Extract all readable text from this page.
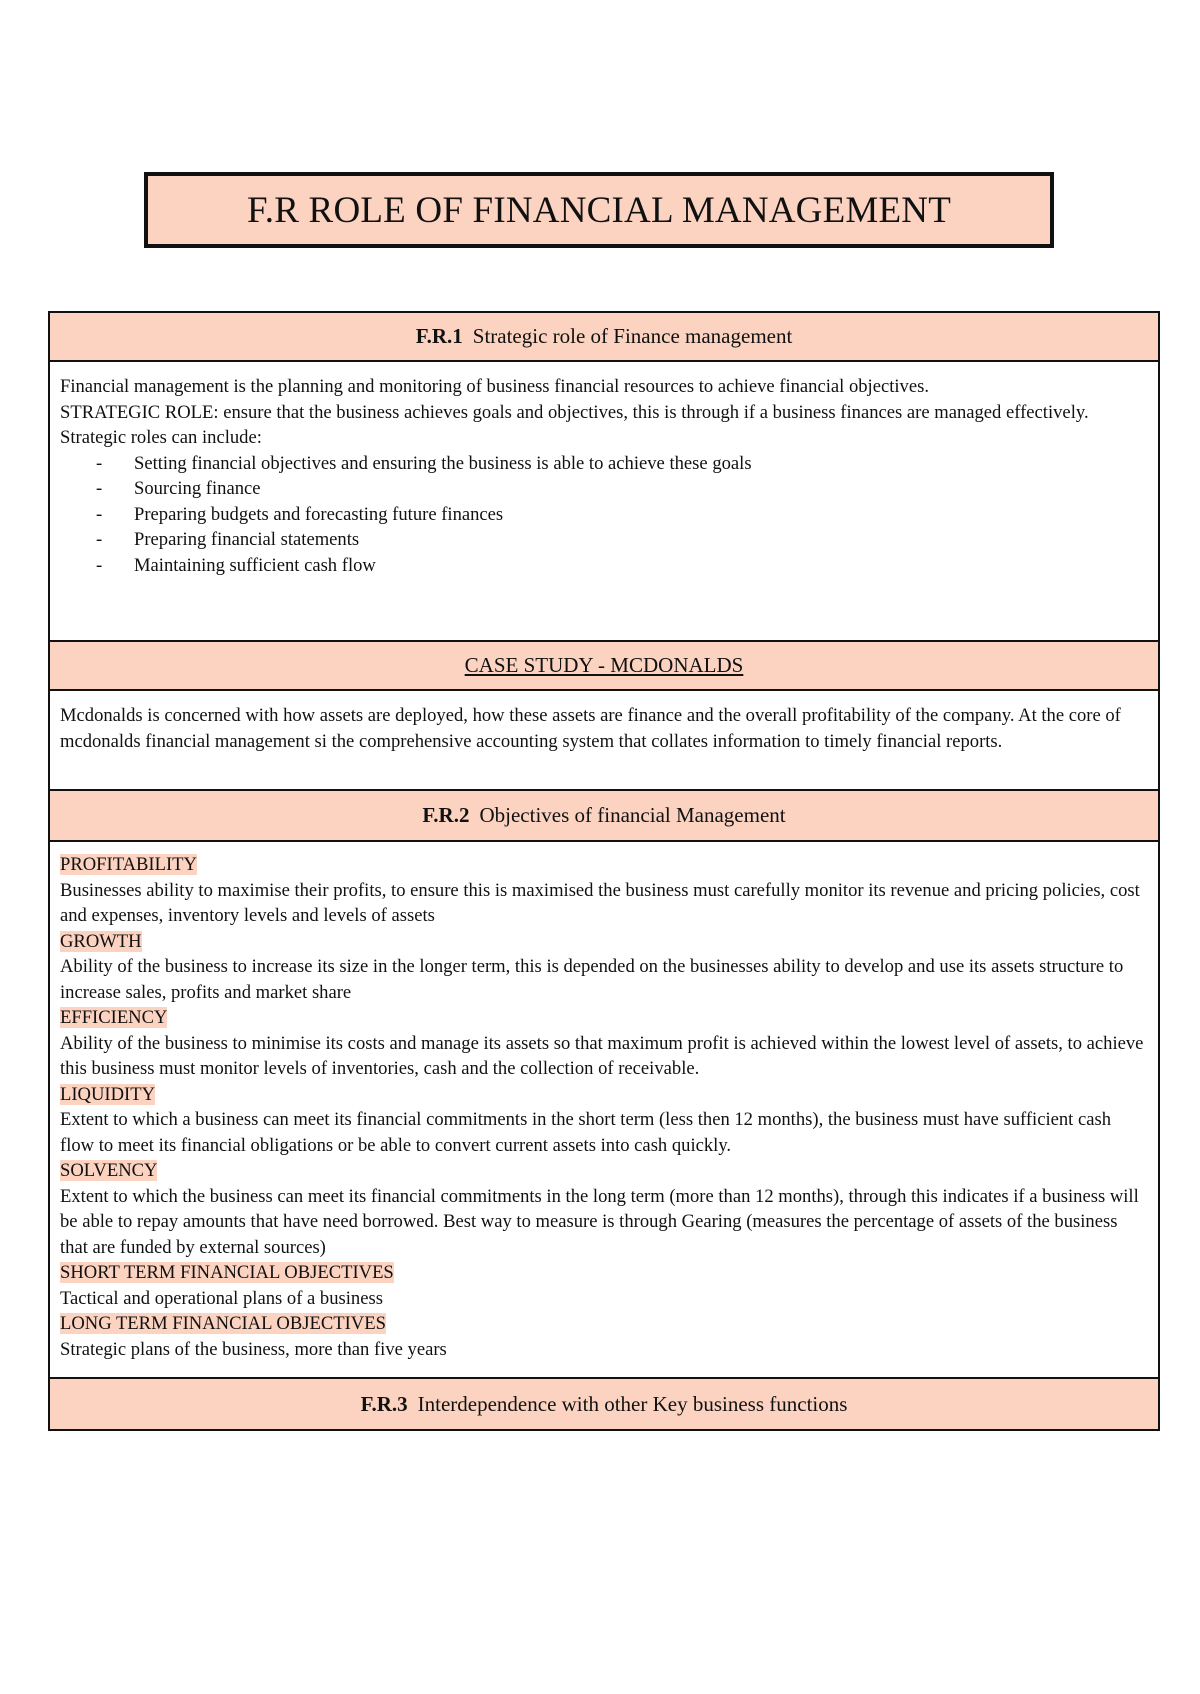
F.R ROLE OF FINANCIAL MANAGEMENT
F.R.1 Strategic role of Finance management

Financial management is the planning and monitoring of business financial resources to achieve financial objectives.

STRATEGIC ROLE: ensure that the business achieves goals and objectives, this is through if a business finances are managed effectively.

Strategic roles can include:

- Setting financial objectives and ensuring the business is able to achieve these goals
- Sourcing finance
- Preparing budgets and forecasting future finances
- Preparing financial statements
- Maintaining sufficient cash flow
CASE STUDY - MCDONALDS

Mcdonalds is concerned with how assets are deployed, how these assets are finance and the overall profitability of the company. At the core of mcdonalds financial management si the comprehensive accounting system that collates information to timely financial reports.

F.R.2 Objectives of financial Management

PROFITABILITY

Businesses ability to maximise their profits, to ensure this is maximised the business must carefully monitor its revenue and pricing policies, cost and expenses, inventory levels and levels of assets

GROWTH

Ability of the business to increase its size in the longer term, this is depended on the businesses ability to develop and use its assets structure to increase sales, profits and market share

EFFICIENCY

Ability of the business to minimise its costs and manage its assets so that maximum profit is achieved within the lowest level of assets, to achieve this business must monitor levels of inventories, cash and the collection of receivable.

LIQUIDITY

Extent to which a business can meet its financial commitments in the short term (less then 12 months), the business must have sufficient cash flow to meet its financial obligations or be able to convert current assets into cash quickly.

SOLVENCY

Extent to which the business can meet its financial commitments in the long term (more than 12 months), through this indicates if a business will be able to repay amounts that have need borrowed. Best way to measure is through Gearing (measures the percentage of assets of the business that are funded by external sources)

SHORT TERM FINANCIAL OBJECTIVES

Tactical and operational plans of a business

LONG TERM FINANCIAL OBJECTIVES

Strategic plans of the business, more than five years

F.R.3 Interdependence with other Key business functions
